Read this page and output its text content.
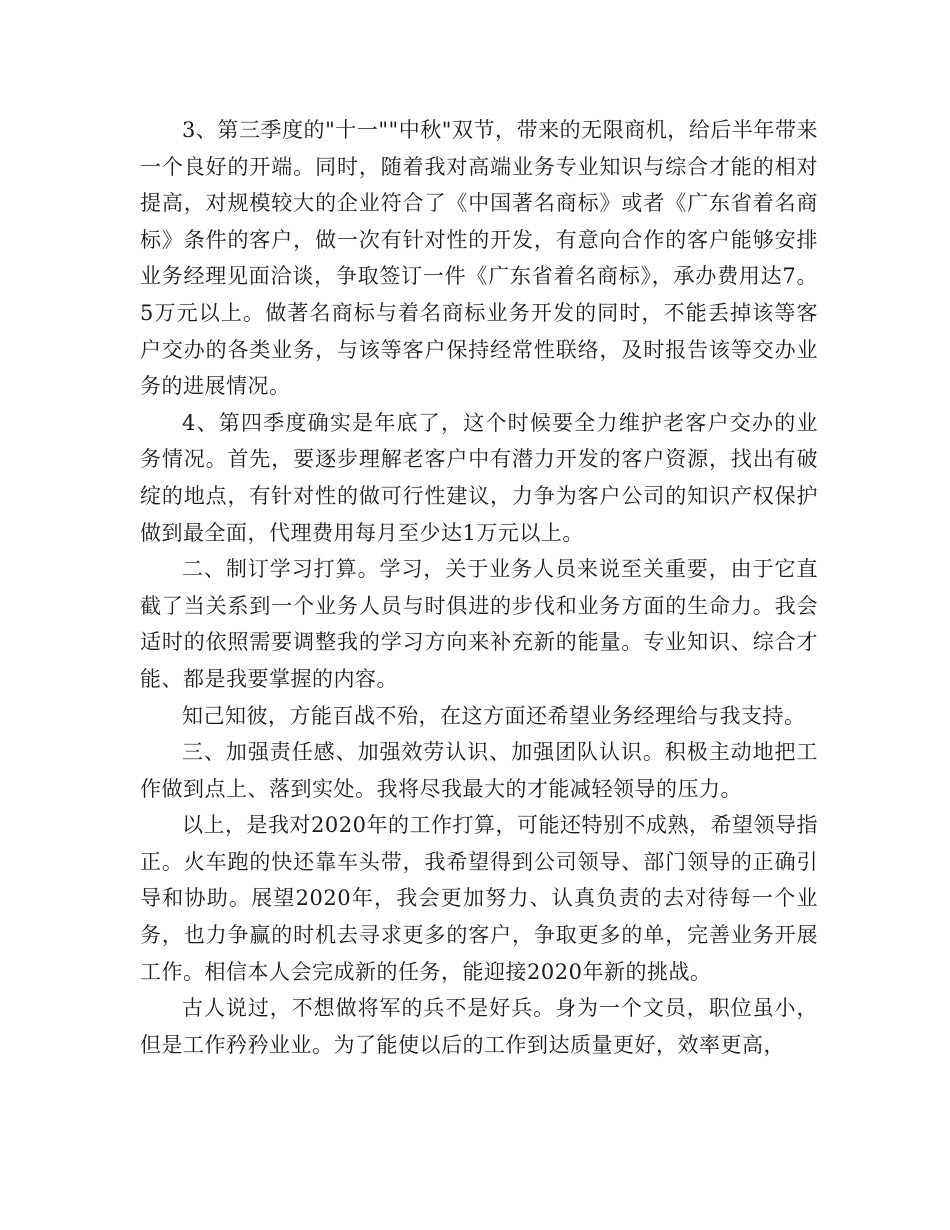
3、第三季度的"十一""中秋"双节，带来的无限商机，给后半年带来一个良好的开端。同时，随着我对高端业务专业知识与综合才能的相对提高，对规模较大的企业符合了《中国著名商标》或者《广东省着名商标》条件的客户，做一次有针对性的开发，有意向合作的客户能够安排业务经理见面洽谈，争取签订一件《广东省着名商标》，承办费用达7。5万元以上。做著名商标与着名商标业务开发的同时，不能丢掉该等客户交办的各类业务，与该等客户保持经常性联络，及时报告该等交办业务的进展情况。

4、第四季度确实是年底了，这个时候要全力维护老客户交办的业务情况。首先，要逐步理解老客户中有潜力开发的客户资源，找出有破绽的地点，有针对性的做可行性建议，力争为客户公司的知识产权保护做到最全面，代理费用每月至少达1万元以上。

二、制订学习打算。学习，关于业务人员来说至关重要，由于它直截了当关系到一个业务人员与时俱进的步伐和业务方面的生命力。我会适时的依照需要调整我的学习方向来补充新的能量。专业知识、综合才能、都是我要掌握的内容。

知己知彼，方能百战不殆，在这方面还希望业务经理给与我支持。

三、加强责任感、加强效劳认识、加强团队认识。积极主动地把工作做到点上、落到实处。我将尽我最大的才能减轻领导的压力。

以上，是我对2020年的工作打算，可能还特别不成熟，希望领导指正。火车跑的快还靠车头带，我希望得到公司领导、部门领导的正确引导和协助。展望2020年，我会更加努力、认真负责的去对待每一个业务，也力争赢的时机去寻求更多的客户，争取更多的单，完善业务开展工作。相信本人会完成新的任务，能迎接2020年新的挑战。

古人说过，不想做将军的兵不是好兵。身为一个文员，职位虽小，但是工作矜矜业业。为了能使以后的工作到达质量更好，效率更高，
